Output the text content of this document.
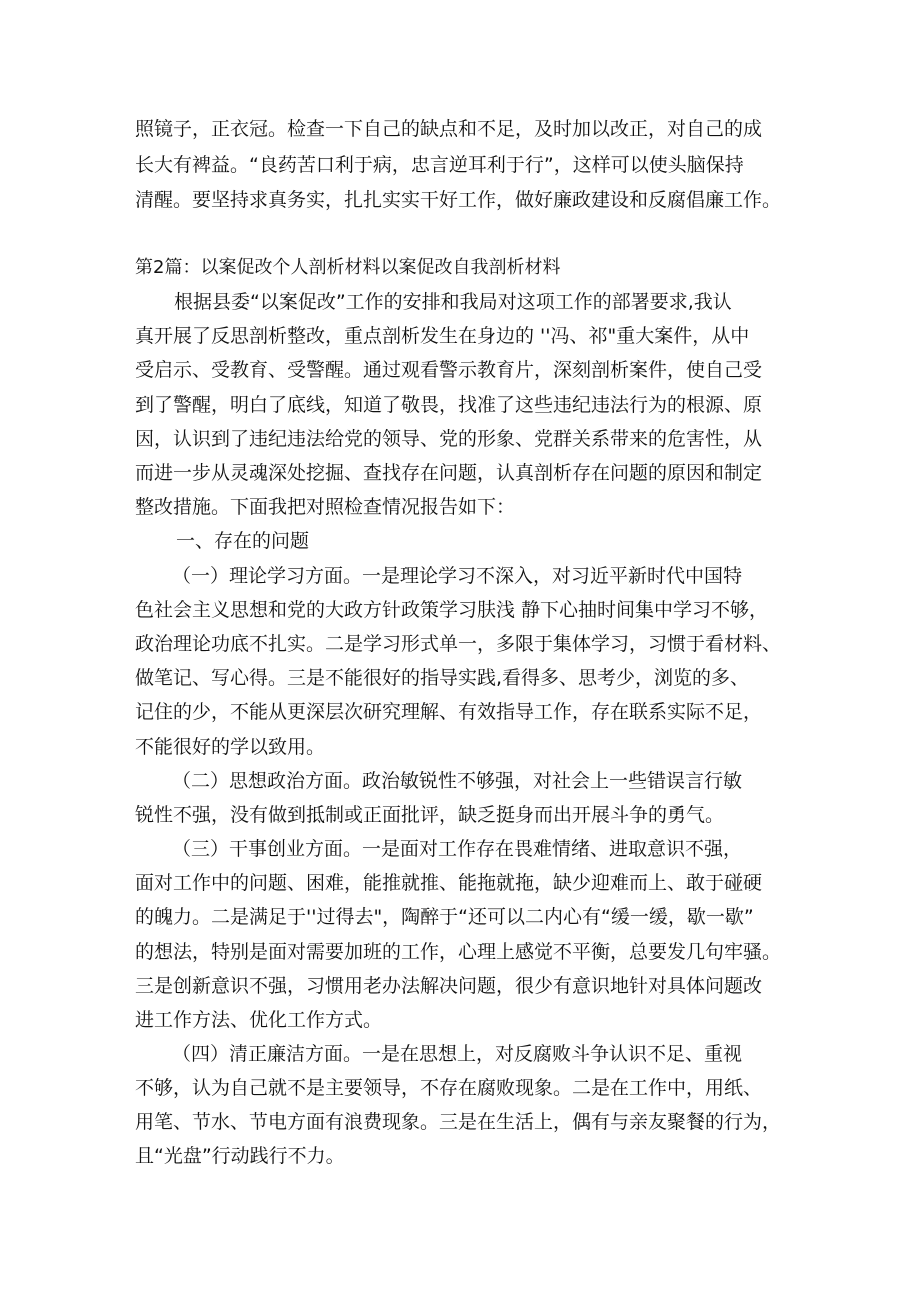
照镜子，正衣冠。检查一下自己的缺点和不足，及时加以改正，对自己的成
长大有裨益。“良药苦口利于病，忠言逆耳利于行”，这样可以使头脑保持
清醒。要坚持求真务实，扎扎实实干好工作，做好廉政建设和反腐倡廉工作。
第2篇：以案促改个人剖析材料以案促改自我剖析材料
根据县委“以案促改”工作的安排和我局对这项工作的部署要求,我认
真开展了反思剖析整改，重点剖析发生在身边的 ''冯、祁"重大案件，从中
受启示、受教育、受警醒。通过观看警示教育片，深刻剖析案件，使自己受
到了警醒，明白了底线，知道了敬畏，找准了这些违纪违法行为的根源、原
因，认识到了违纪违法给党的领导、党的形象、党群关系带来的危害性，从
而进一步从灵魂深处挖掘、查找存在问题，认真剖析存在问题的原因和制定
整改措施。下面我把对照检查情况报告如下：
一、存在的问题
（一）理论学习方面。一是理论学习不深入，对习近平新时代中国特
色社会主义思想和党的大政方针政策学习肤浅 静下心抽时间集中学习不够，
政治理论功底不扎实。二是学习形式单一，多限于集体学习，习惯于看材料、
做笔记、写心得。三是不能很好的指导实践,看得多、思考少，浏览的多、
记住的少，不能从更深层次研究理解、有效指导工作，存在联系实际不足，
不能很好的学以致用。
（二）思想政治方面。政治敏锐性不够强，对社会上一些错误言行敏
锐性不强，没有做到抵制或正面批评，缺乏挺身而出开展斗争的勇气。
（三）干事创业方面。一是面对工作存在畏难情绪、进取意识不强，
面对工作中的问题、困难，能推就推、能拖就拖，缺少迎难而上、敢于碰硬
的魄力。二是满足于''过得去"，陶醉于“还可以二内心有“缓一缓，歇一歇”
的想法，特别是面对需要加班的工作，心理上感觉不平衡，总要发几句牢骚。
三是创新意识不强，习惯用老办法解决问题，很少有意识地针对具体问题改
进工作方法、优化工作方式。
（四）清正廉洁方面。一是在思想上，对反腐败斗争认识不足、重视
不够，认为自己就不是主要领导，不存在腐败现象。二是在工作中，用纸、
用笔、节水、节电方面有浪费现象。三是在生活上，偶有与亲友聚餐的行为，
且“光盘”行动践行不力。
